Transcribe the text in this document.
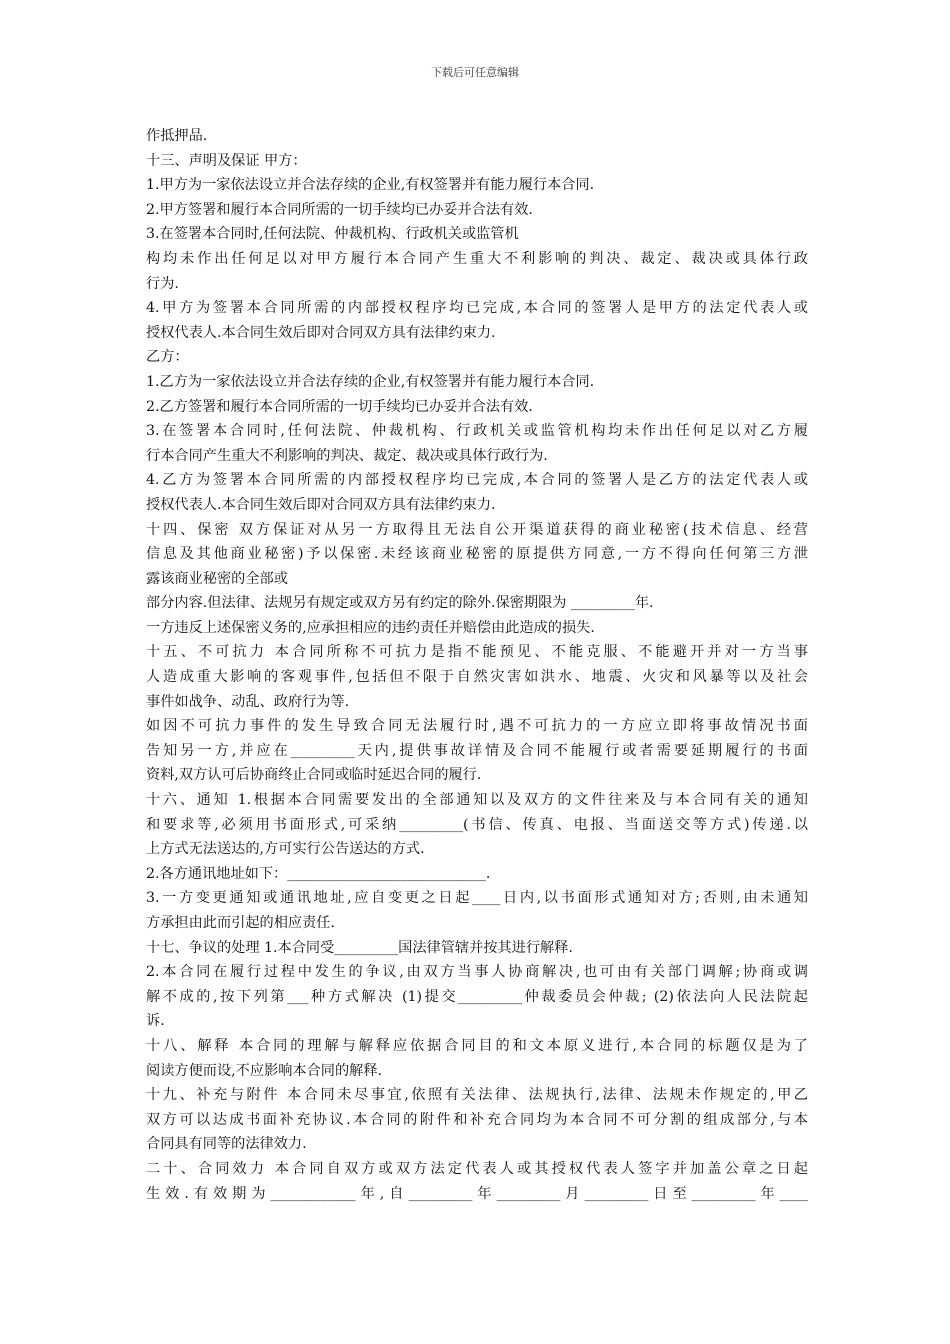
下载后可任意编辑
作抵押品.
十三、声明及保证 甲方：
1.甲方为一家依法设立并合法存续的企业,有权签署并有能力履行本合同.
2.甲方签署和履行本合同所需的一切手续均已办妥并合法有效.
3.在签署本合同时,任何法院、仲裁机构、行政机关或监管机
构均未作出任何足以对甲方履行本合同产生重大不利影响的判决、裁定、裁决或具体行政
行为.
4.甲方为签署本合同所需的内部授权程序均已完成,本合同的签署人是甲方的法定代表人或
授权代表人.本合同生效后即对合同双方具有法律约束力.
乙方：
1.乙方为一家依法设立并合法存续的企业,有权签署并有能力履行本合同.
2.乙方签署和履行本合同所需的一切手续均已办妥并合法有效.
3.在签署本合同时,任何法院、仲裁机构、行政机关或监管机构均未作出任何足以对乙方履
行本合同产生重大不利影响的判决、裁定、裁决或具体行政行为.
4.乙方为签署本合同所需的内部授权程序均已完成,本合同的签署人是乙方的法定代表人或
授权代表人.本合同生效后即对合同双方具有法律约束力.
十四、保密 双方保证对从另一方取得且无法自公开渠道获得的商业秘密(技术信息、经营
信息及其他商业秘密)予以保密.未经该商业秘密的原提供方同意,一方不得向任何第三方泄
露该商业秘密的全部或
部分内容.但法律、法规另有规定或双方另有约定的除外.保密期限为 _________年.
一方违反上述保密义务的,应承担相应的违约责任并赔偿由此造成的损失.
十五、不可抗力 本合同所称不可抗力是指不能预见、不能克服、不能避开并对一方当事
人造成重大影响的客观事件,包括但不限于自然灾害如洪水、地震、火灾和风暴等以及社会
事件如战争、动乱、政府行为等.
如因不可抗力事件的发生导致合同无法履行时,遇不可抗力的一方应立即将事故情况书面
告知另一方,并应在_________天内,提供事故详情及合同不能履行或者需要延期履行的书面
资料,双方认可后协商终止合同或临时延迟合同的履行.
十六、通知 1.根据本合同需要发出的全部通知以及双方的文件往来及与本合同有关的通知
和要求等,必须用书面形式,可采纳_________(书信、传真、电报、当面送交等方式)传递.以
上方式无法送达的,方可实行公告送达的方式.
2.各方通讯地址如下：____________________________.
3.一方变更通知或通讯地址,应自变更之日起____日内,以书面形式通知对方;否则,由未通知
方承担由此而引起的相应责任.
十七、争议的处理 1.本合同受_________国法律管辖并按其进行解释.
2.本合同在履行过程中发生的争议,由双方当事人协商解决,也可由有关部门调解;协商或调
解不成的,按下列第___种方式解决 (1)提交_________仲裁委员会仲裁; (2)依法向人民法院起
诉.
十八、解释 本合同的理解与解释应依据合同目的和文本原义进行,本合同的标题仅是为了
阅读方便而设,不应影响本合同的解释.
十九、补充与附件 本合同未尽事宜,依照有关法律、法规执行,法律、法规未作规定的,甲乙
双方可以达成书面补充协议.本合同的附件和补充合同均为本合同不可分割的组成部分,与本
合同具有同等的法律效力.
二十、合同效力 本合同自双方或双方法定代表人或其授权代表人签字并加盖公章之日起
生效.有效期为____________年,自_________年_________月_________日至_________年____
